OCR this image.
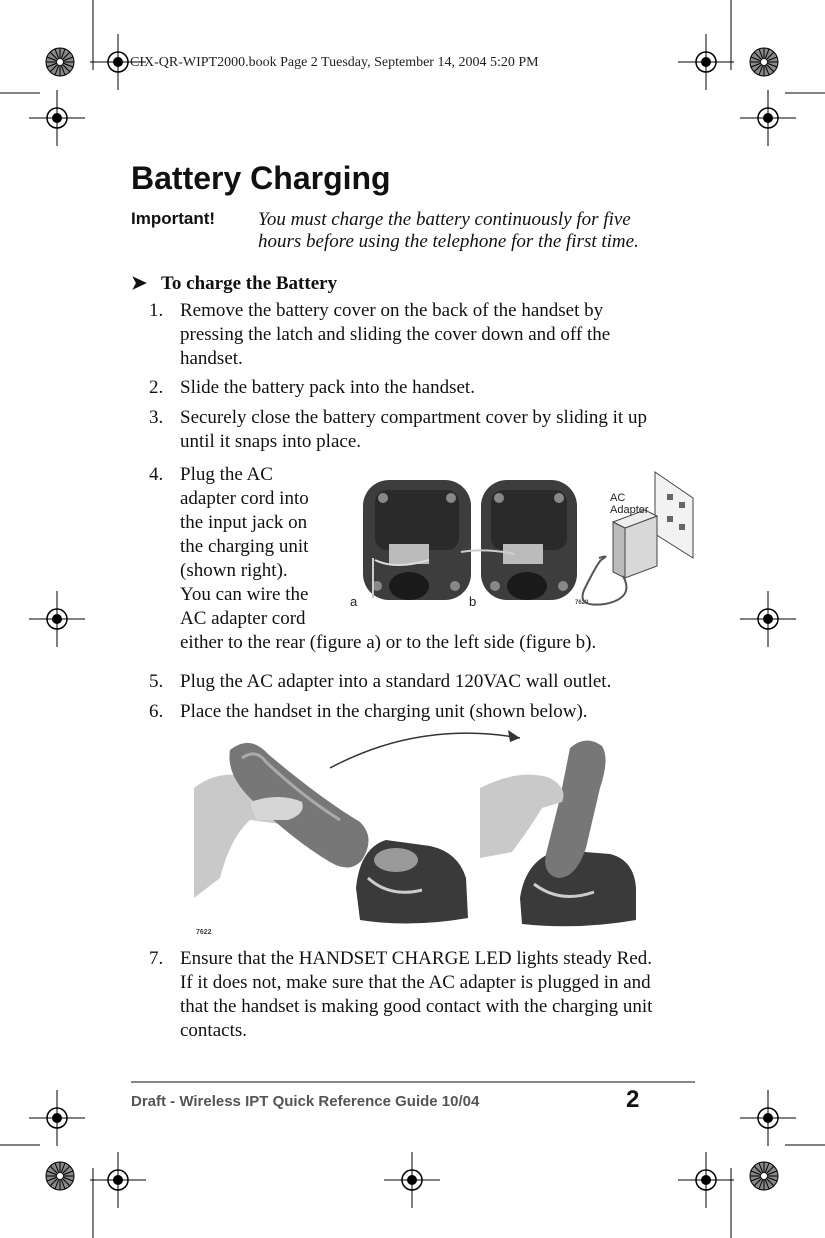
CIX-QR-WIPT2000.book Page 2 Tuesday, September 14, 2004 5:20 PM
Battery Charging
Important! You must charge the battery continuously for five
hours before using the telephone for the first time.
➤ To charge the Battery
1. Remove the battery cover on the back of the handset by
pressing the latch and sliding the cover down and off the
handset.
2. Slide the battery pack into the handset.
3. Securely close the battery compartment cover by sliding it up
until it snaps into place.
4. Plug the AC
adapter cord into
the input jack on
the charging unit
(shown right).
You can wire the
AC adapter cord
either to the rear (figure a) or to the left side (figure b).
a	b
AC
Adapter
7620
5. Plug the AC adapter into a standard 120VAC wall outlet.
6. Place the handset in the charging unit (shown below).
7622
7. Ensure that the HANDSET CHARGE LED lights steady Red.
If it does not, make sure that the AC adapter is plugged in and
that the handset is making good contact with the charging unit
contacts.
Draft - Wireless IPT Quick Reference Guide 10/04	2
